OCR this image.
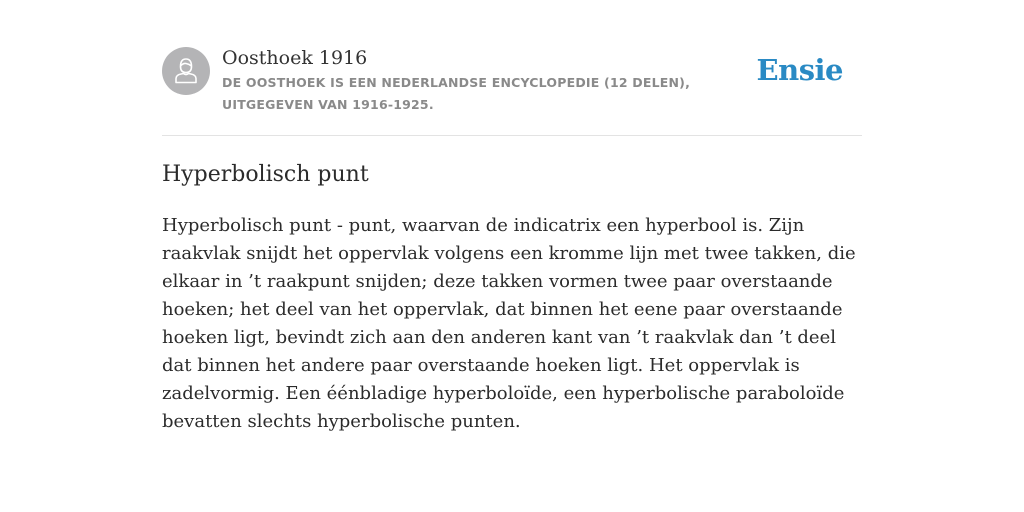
Oosthoek 1916
DE OOSTHOEK IS EEN NEDERLANDSE ENCYCLOPEDIE (12 DELEN), UITGEGEVEN VAN 1916-1925.
Ensie
Hyperbolisch punt

Hyperbolisch punt - punt, waarvan de indicatrix een hyperbool is. Zijn raakvlak snijdt het oppervlak volgens een kromme lijn met twee takken, die elkaar in ’t raakpunt snijden; deze takken vormen twee paar overstaande hoeken; het deel van het oppervlak, dat binnen het eene paar overstaande hoeken ligt, bevindt zich aan den anderen kant van ’t raakvlak dan ’t deel dat binnen het andere paar overstaande hoeken ligt. Het oppervlak is zadelvormig. Een éénbladige hyperboloïde, een hyperbolische paraboloïde bevatten slechts hyperbolische punten.
